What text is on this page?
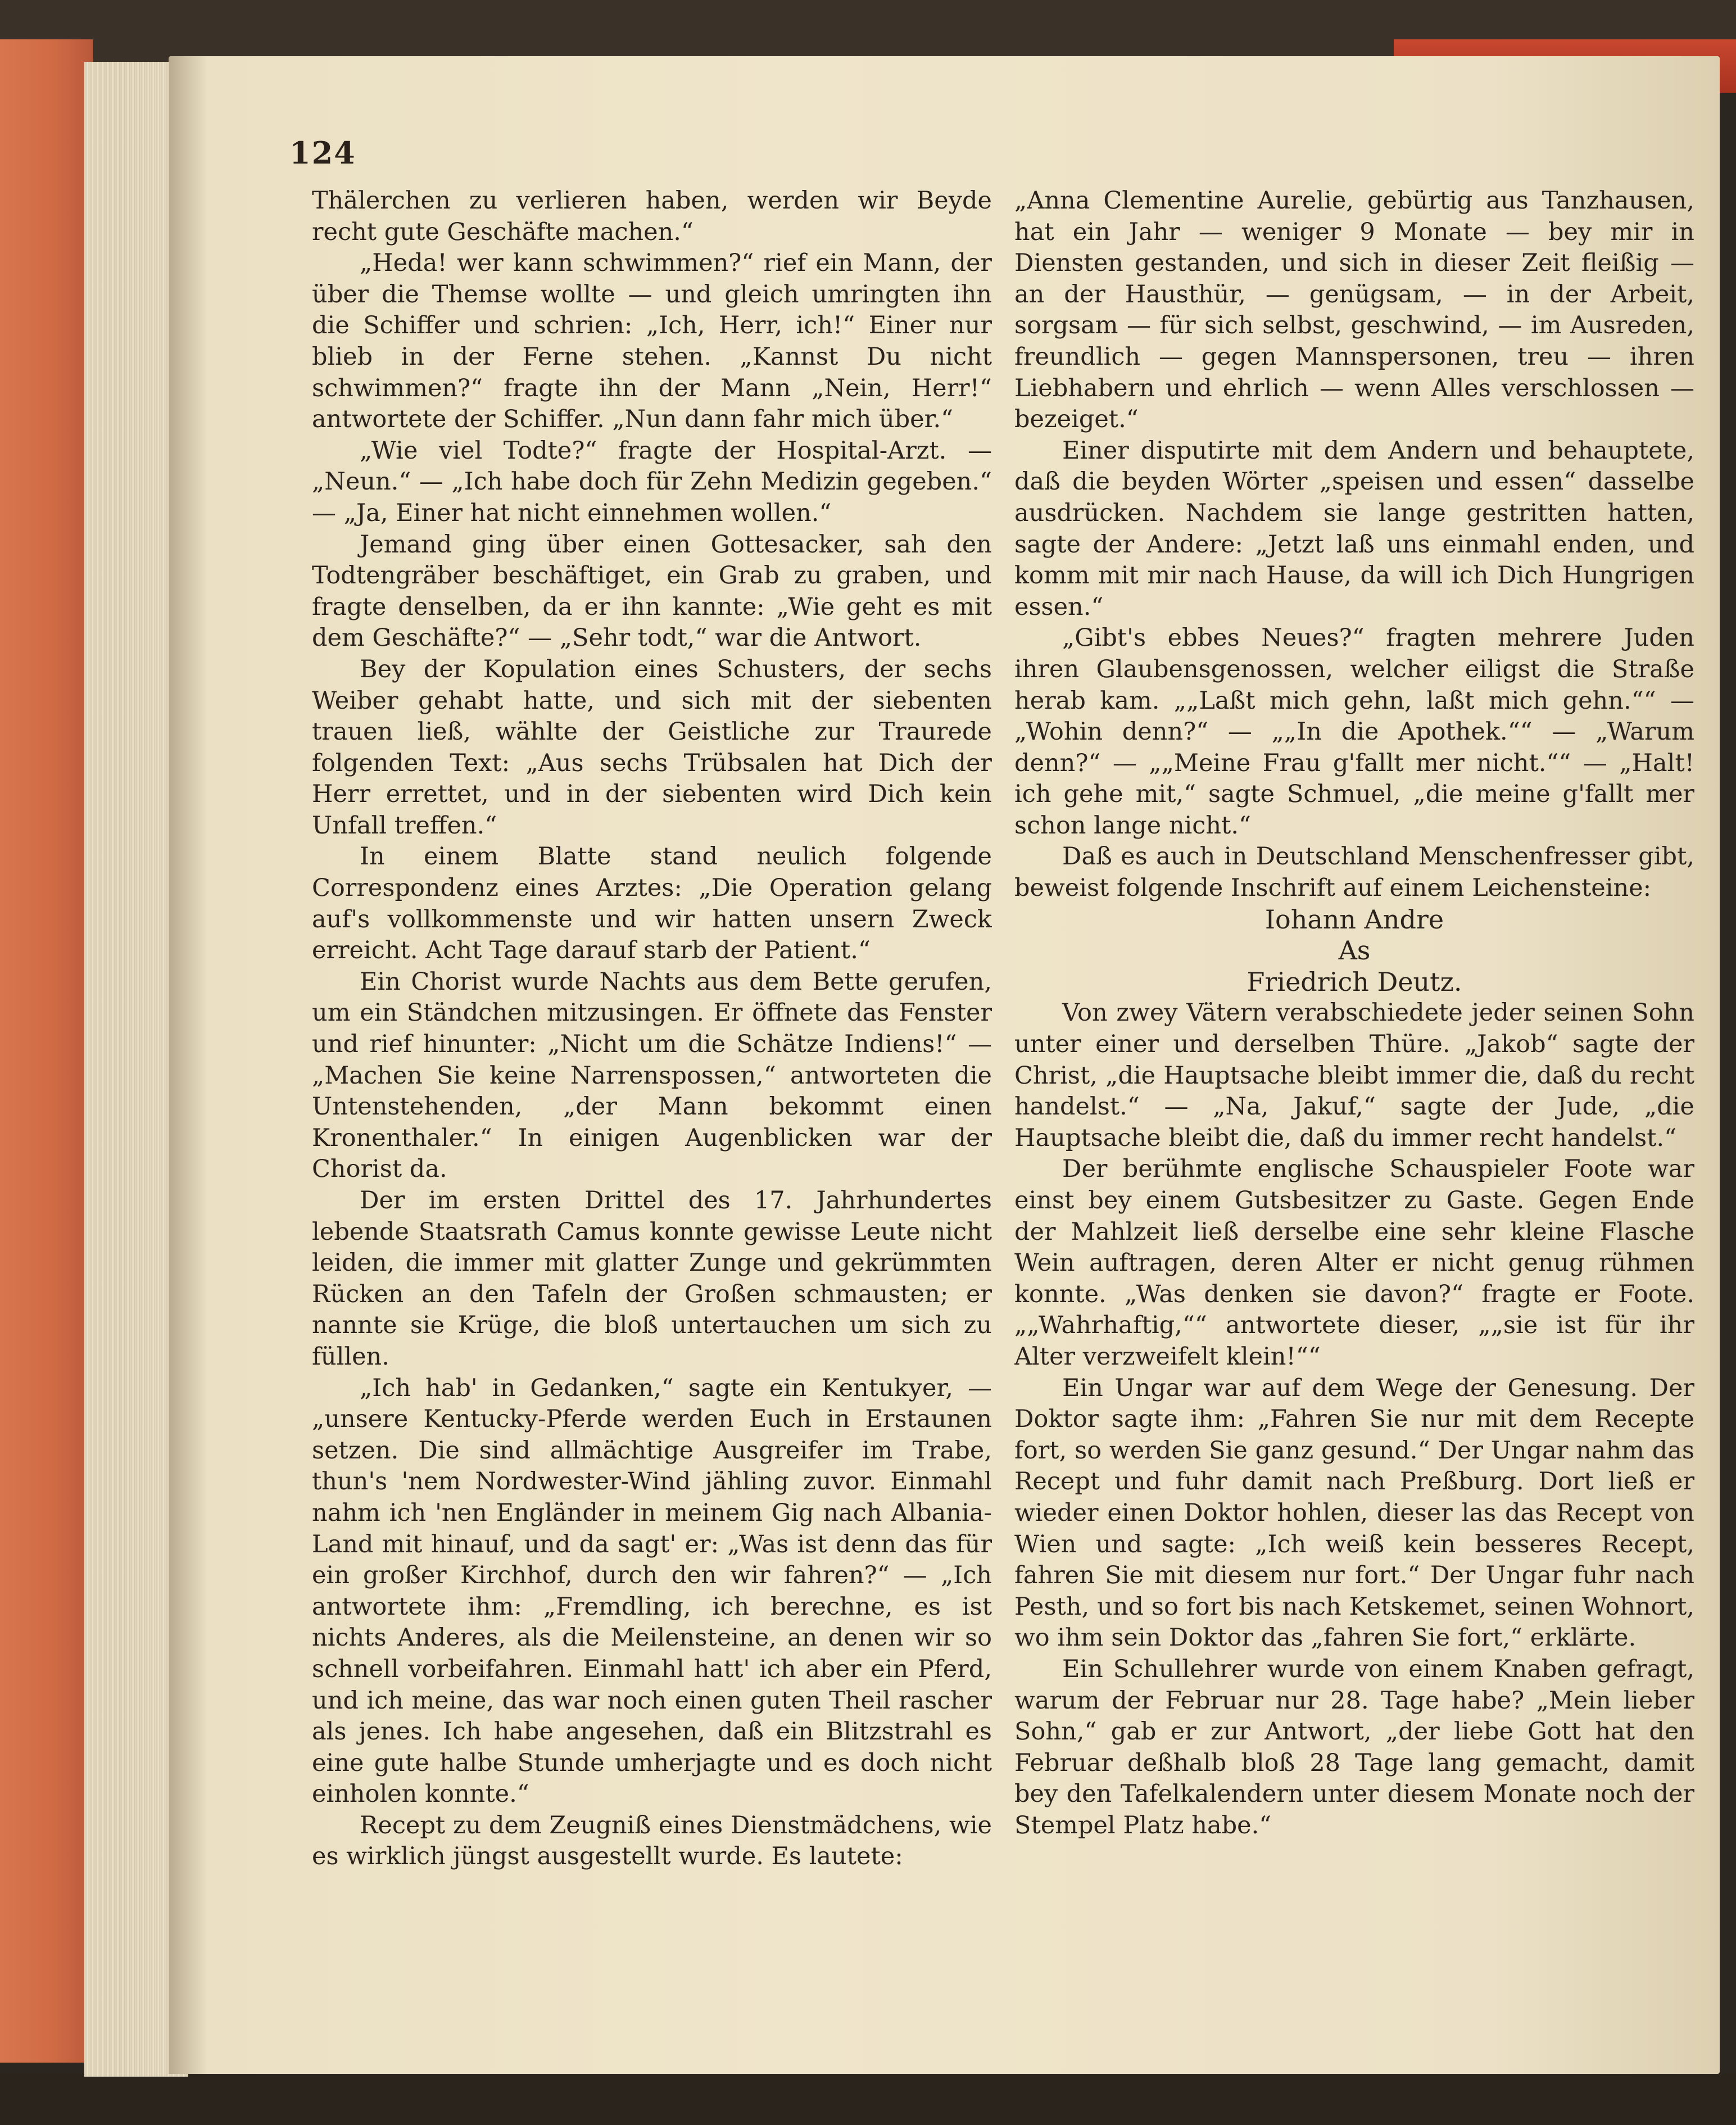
124

Thälerchen zu verlieren haben, werden wir Beyde recht gute Geschäfte machen.“

„Heda! wer kann schwimmen?“ rief ein Mann, der über die Themse wollte — und gleich umringten ihn die Schiffer und schrien: „Ich, Herr, ich!“ Einer nur blieb in der Ferne stehen. „Kannst Du nicht schwimmen?“ fragte ihn der Mann „Nein, Herr!“ antwortete der Schiffer. „Nun dann fahr mich über.“

„Wie viel Todte?“ fragte der Hospital-Arzt. — „Neun.“ — „Ich habe doch für Zehn Medizin gegeben.“ — „Ja, Einer hat nicht einnehmen wollen.“

Jemand ging über einen Gottesacker, sah den Todtengräber beschäftiget, ein Grab zu graben, und fragte denselben, da er ihn kannte: „Wie geht es mit dem Geschäfte?“ — „Sehr todt,“ war die Antwort.

Bey der Kopulation eines Schusters, der sechs Weiber gehabt hatte, und sich mit der siebenten trauen ließ, wählte der Geistliche zur Traurede folgenden Text: „Aus sechs Trübsalen hat Dich der Herr errettet, und in der siebenten wird Dich kein Unfall treffen.“

In einem Blatte stand neulich folgende Correspondenz eines Arztes: „Die Operation gelang auf's vollkommenste und wir hatten unsern Zweck erreicht. Acht Tage darauf starb der Patient.“

Ein Chorist wurde Nachts aus dem Bette gerufen, um ein Ständchen mitzusingen. Er öffnete das Fenster und rief hinunter: „Nicht um die Schätze Indiens!“ — „Machen Sie keine Narrenspossen,“ antworteten die Untenstehenden, „der Mann bekommt einen Kronenthaler.“ In einigen Augenblicken war der Chorist da.

Der im ersten Drittel des 17. Jahrhundertes lebende Staatsrath Camus konnte gewisse Leute nicht leiden, die immer mit glatter Zunge und gekrümmten Rücken an den Tafeln der Großen schmausten; er nannte sie Krüge, die bloß untertauchen um sich zu füllen.

„Ich hab' in Gedanken,“ sagte ein Kentukyer, — „unsere Kentucky-Pferde werden Euch in Erstaunen setzen. Die sind allmächtige Ausgreifer im Trabe, thun's 'nem Nordwester-Wind jähling zuvor. Einmahl nahm ich 'nen Engländer in meinem Gig nach Albania-Land mit hinauf, und da sagt' er: „Was ist denn das für ein großer Kirchhof, durch den wir fahren?“ — „Ich antwortete ihm: „Fremdling, ich berechne, es ist nichts Anderes, als die Meilensteine, an denen wir so schnell vorbeifahren. Einmahl hatt' ich aber ein Pferd, und ich meine, das war noch einen guten Theil rascher als jenes. Ich habe angesehen, daß ein Blitzstrahl es eine gute halbe Stunde umherjagte und es doch nicht einholen konnte.“

Recept zu dem Zeugniß eines Dienstmädchens, wie es wirklich jüngst ausgestellt wurde. Es lautete:

„Anna Clementine Aurelie, gebürtig aus Tanzhausen, hat ein Jahr — weniger 9 Monate — bey mir in Diensten gestanden, und sich in dieser Zeit fleißig — an der Hausthür, — genügsam, — in der Arbeit, sorgsam — für sich selbst, geschwind, — im Ausreden, freundlich — gegen Mannspersonen, treu — ihren Liebhabern und ehrlich — wenn Alles verschlossen — bezeiget.“

Einer disputirte mit dem Andern und behauptete, daß die beyden Wörter „speisen und essen“ dasselbe ausdrücken. Nachdem sie lange gestritten hatten, sagte der Andere: „Jetzt laß uns einmahl enden, und komm mit mir nach Hause, da will ich Dich Hungrigen essen.“

„Gibt's ebbes Neues?“ fragten mehrere Juden ihren Glaubensgenossen, welcher eiligst die Straße herab kam. „„Laßt mich gehn, laßt mich gehn.““ — „Wohin denn?“ — „„In die Apothek.““ — „Warum denn?“ — „„Meine Frau g'fallt mer nicht.““ — „Halt! ich gehe mit,“ sagte Schmuel, „die meine g'fallt mer schon lange nicht.“

Daß es auch in Deutschland Menschenfresser gibt, beweist folgende Inschrift auf einem Leichensteine:

Iohann Andre

As

Friedrich Deutz.

Von zwey Vätern verabschiedete jeder seinen Sohn unter einer und derselben Thüre. „Jakob“ sagte der Christ, „die Hauptsache bleibt immer die, daß du recht handelst.“ — „Na, Jakuf,“ sagte der Jude, „die Hauptsache bleibt die, daß du immer recht handelst.“

Der berühmte englische Schauspieler Foote war einst bey einem Gutsbesitzer zu Gaste. Gegen Ende der Mahlzeit ließ derselbe eine sehr kleine Flasche Wein auftragen, deren Alter er nicht genug rühmen konnte. „Was denken sie davon?“ fragte er Foote. „„Wahrhaftig,““ antwortete dieser, „„sie ist für ihr Alter verzweifelt klein!““

Ein Ungar war auf dem Wege der Genesung. Der Doktor sagte ihm: „Fahren Sie nur mit dem Recepte fort, so werden Sie ganz gesund.“ Der Ungar nahm das Recept und fuhr damit nach Preßburg. Dort ließ er wieder einen Doktor hohlen, dieser las das Recept von Wien und sagte: „Ich weiß kein besseres Recept, fahren Sie mit diesem nur fort.“ Der Ungar fuhr nach Pesth, und so fort bis nach Ketskemet, seinen Wohnort, wo ihm sein Doktor das „fahren Sie fort,“ erklärte.

Ein Schullehrer wurde von einem Knaben gefragt, warum der Februar nur 28. Tage habe? „Mein lieber Sohn,“ gab er zur Antwort, „der liebe Gott hat den Februar deßhalb bloß 28 Tage lang gemacht, damit bey den Tafelkalendern unter diesem Monate noch der Stempel Platz habe.“
